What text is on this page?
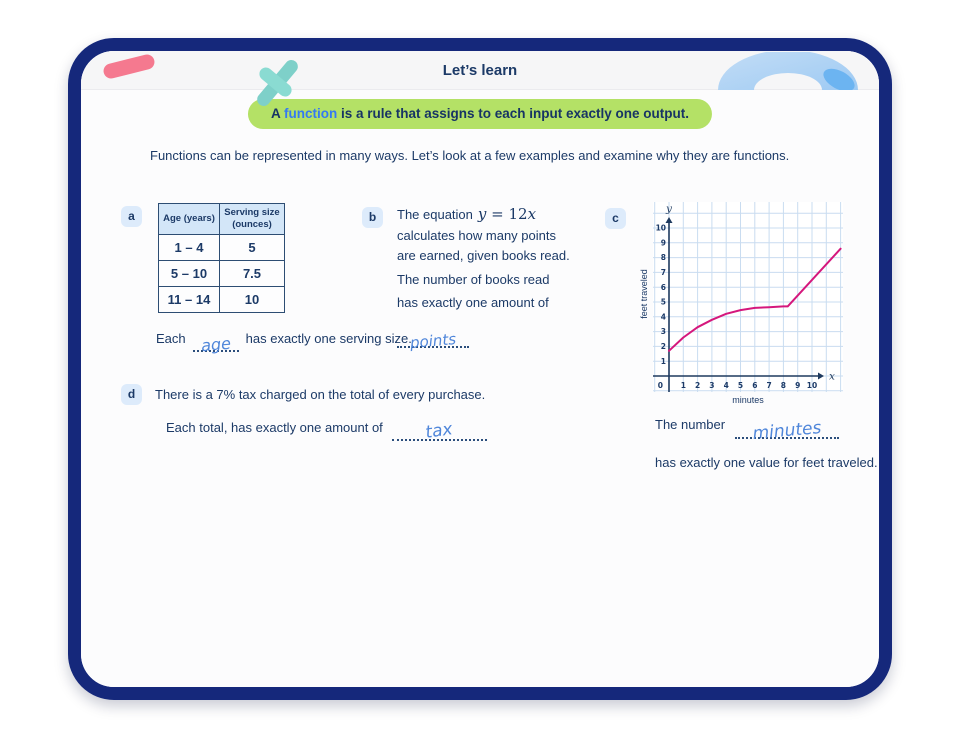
Let’s learn
A function is a rule that assigns to each input exactly one output.
Functions can be represented in many ways. Let’s look at a few examples and examine why they are functions.
a	Age (years)	Serving size (ounces)
1 – 4	5
5 – 10	7.5
11 – 14	10
Each age has exactly one serving size.
b	The equation y = 12x
calculates how many points
are earned, given books read.
The number of books read
has exactly one amount of
points
c
y
x
0 1 2 3 4 5 6 7 8 9 10
1
2
3
4
5
6
7
8
9
10
feet traveled
minutes
The number minutes
has exactly one value for feet traveled.
d	There is a 7% tax charged on the total of every purchase.
Each total, has exactly one amount of tax
